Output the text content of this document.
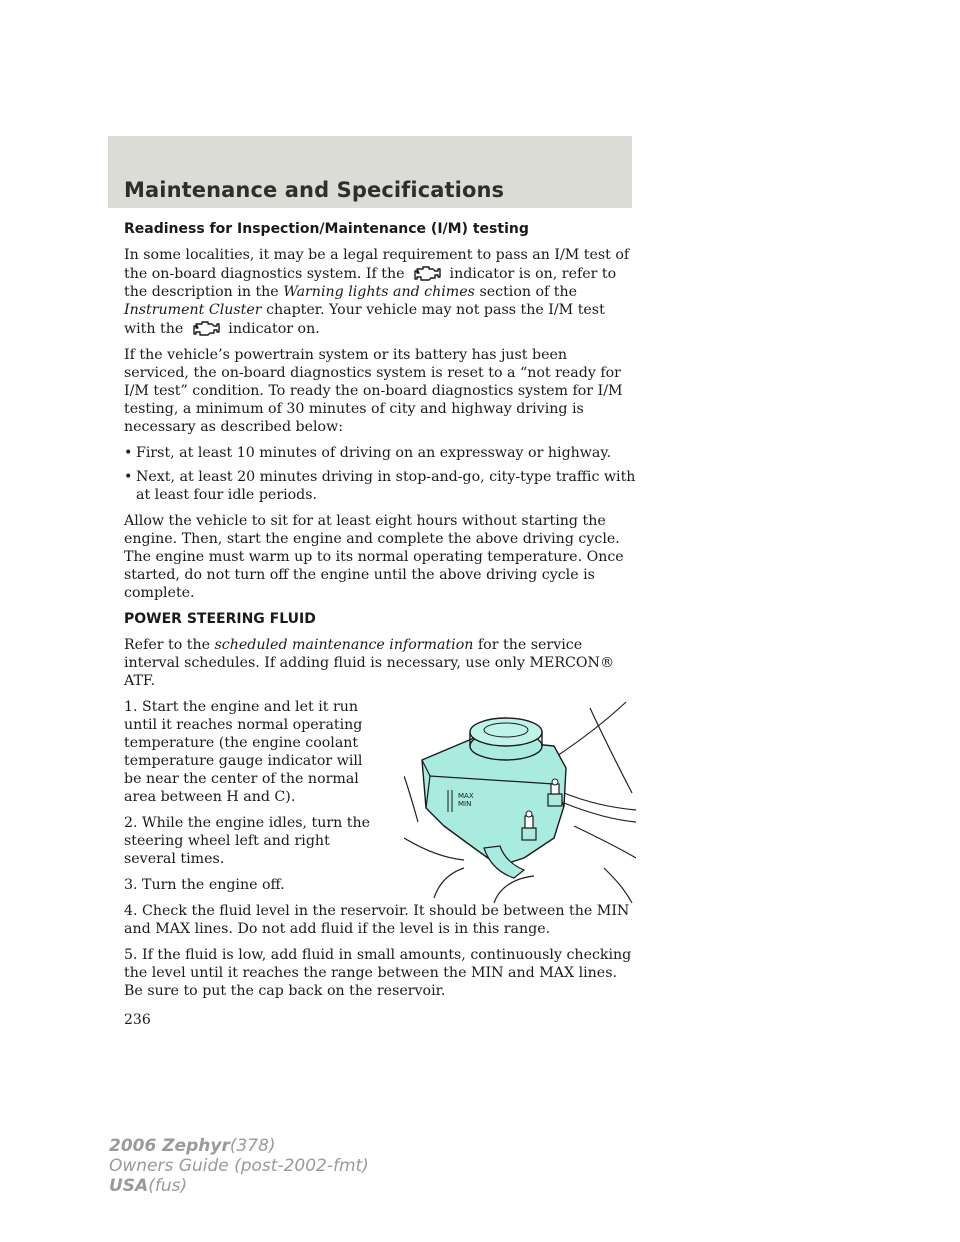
Maintenance and Specifications
Readiness for Inspection/Maintenance (I/M) testing

In some localities, it may be a legal requirement to pass an I/M test of the on-board diagnostics system. If the	indicator is on, refer to the description in the Warning lights and chimes section of the Instrument Cluster chapter. Your vehicle may not pass the I/M test with the	indicator on.

If the vehicle’s powertrain system or its battery has just been serviced, the on-board diagnostics system is reset to a “not ready for I/M test” condition. To ready the on-board diagnostics system for I/M testing, a minimum of 30 minutes of city and highway driving is necessary as described below:

• First, at least 10 minutes of driving on an expressway or highway.
• Next, at least 20 minutes driving in stop-and-go, city-type traffic with at least four idle periods.

Allow the vehicle to sit for at least eight hours without starting the engine. Then, start the engine and complete the above driving cycle. The engine must warm up to its normal operating temperature. Once started, do not turn off the engine until the above driving cycle is complete.

POWER STEERING FLUID

Refer to the scheduled maintenance information for the service interval schedules. If adding fluid is necessary, use only MERCON® ATF.

1. Start the engine and let it run until it reaches normal operating temperature (the engine coolant temperature gauge indicator will be near the center of the normal area between H and C).

2. While the engine idles, turn the steering wheel left and right several times.

3. Turn the engine off.

MAX
MIN

4. Check the fluid level in the reservoir. It should be between the MIN and MAX lines. Do not add fluid if the level is in this range.

5. If the fluid is low, add fluid in small amounts, continuously checking the level until it reaches the range between the MIN and MAX lines. Be sure to put the cap back on the reservoir.

236
2006 Zephyr(378)
Owners Guide (post-2002-fmt)
USA(fus)
